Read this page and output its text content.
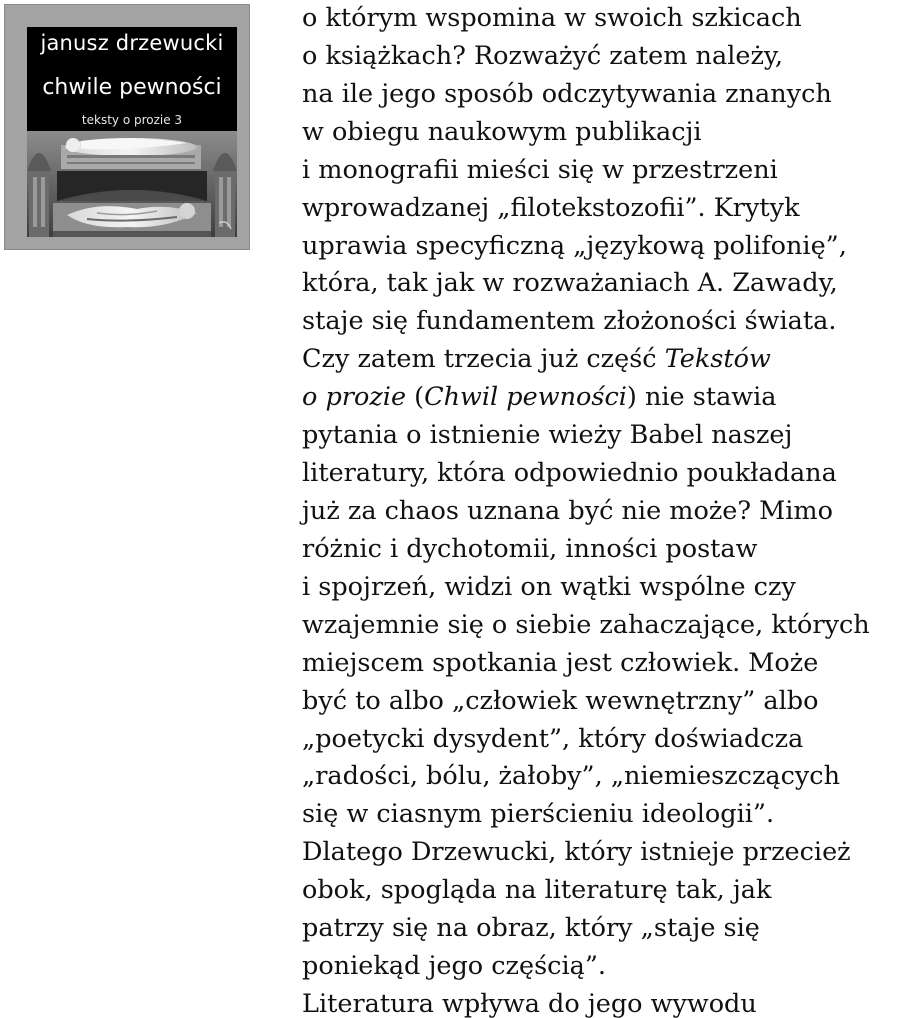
janusz drzewucki
chwile pewności
teksty o prozie 3
o którym wspomina w swoich szkicach
o książkach? Rozważyć zatem należy,
na ile jego sposób odczytywania znanych
w obiegu naukowym publikacji
i monografii mieści się w przestrzeni
wprowadzanej „filotekstozofii”. Krytyk
uprawia specyficzną „językową polifonię”,
która, tak jak w rozważaniach A. Zawady,
staje się fundamentem złożoności świata.
Czy zatem trzecia już część Tekstów
o prozie (Chwil pewności) nie stawia
pytania o istnienie wieży Babel naszej
literatury, która odpowiednio poukładana
już za chaos uznana być nie może? Mimo
różnic i dychotomii, inności postaw
i spojrzeń, widzi on wątki wspólne czy
wzajemnie się o siebie zahaczające, których
miejscem spotkania jest człowiek. Może
być to albo „człowiek wewnętrzny” albo
„poetycki dysydent”, który doświadcza
„radości, bólu, żałoby”, „niemieszczących
się w ciasnym pierścieniu ideologii”.
Dlatego Drzewucki, który istnieje przecież
obok, spogląda na literaturę tak, jak
patrzy się na obraz, który „staje się
poniekąd jego częścią”.
Literatura wpływa do jego wywodu
